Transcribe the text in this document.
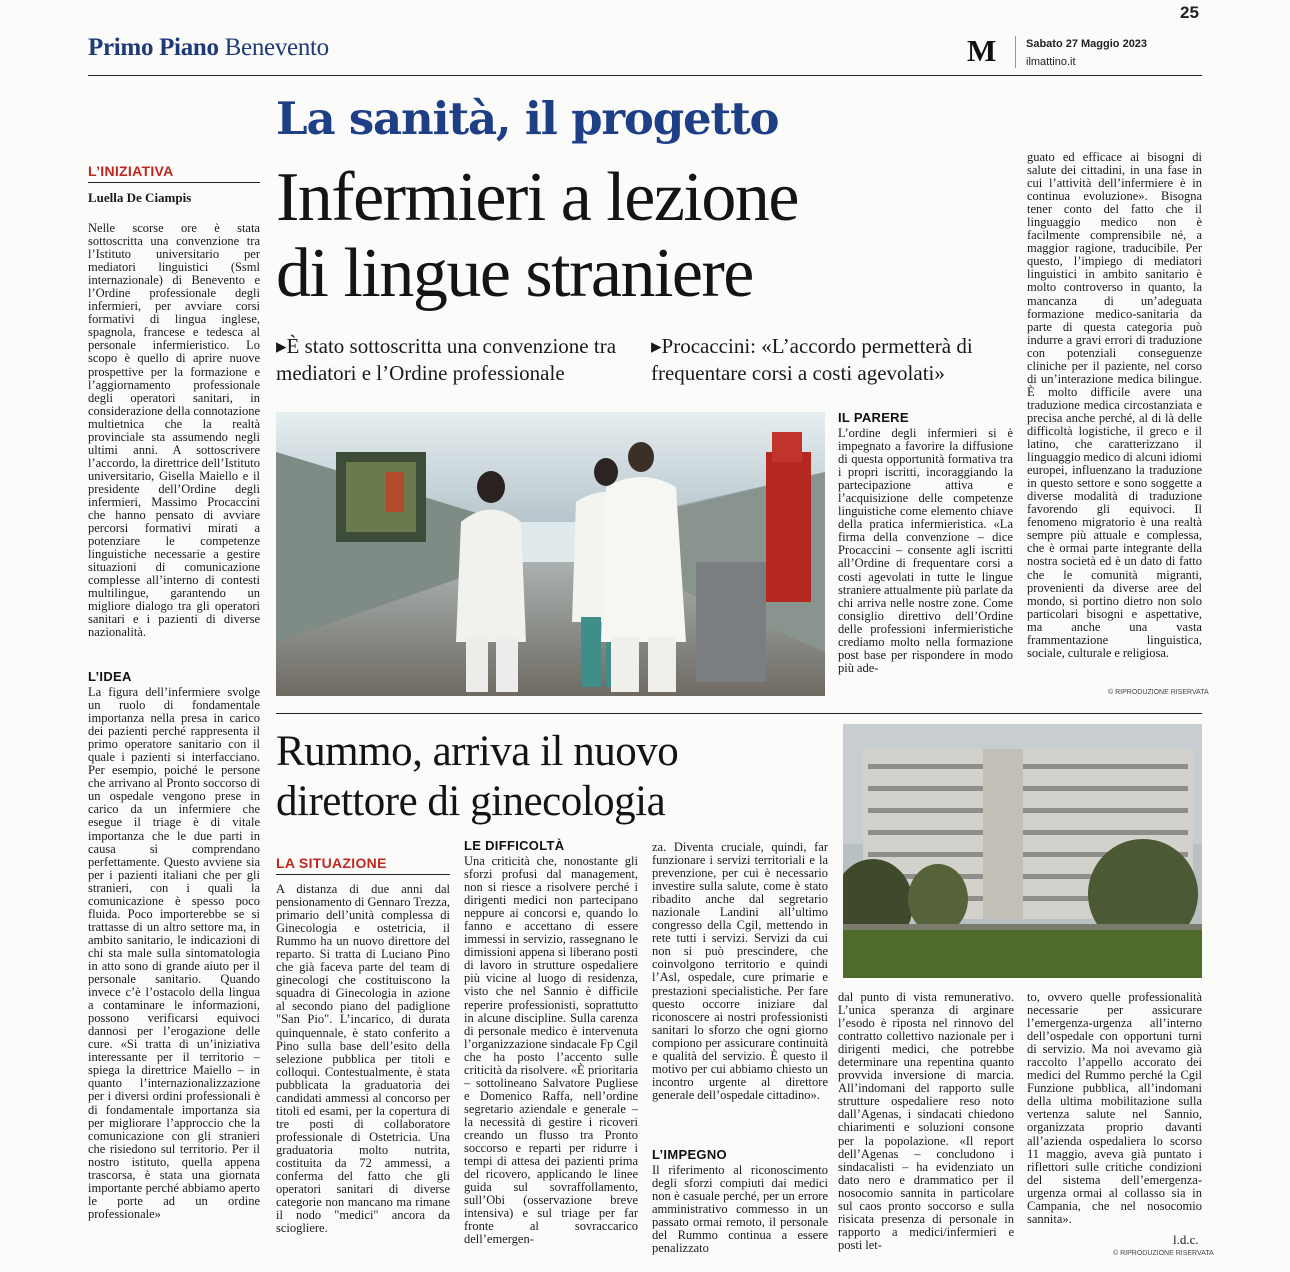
25
Primo Piano Benevento	M	Sabato 27 Maggio 2023
ilmattino.it
La sanità, il progetto
Infermieri a lezione
di lingue straniere
▸È stato sottoscritta una convenzione tra mediatori e l’Ordine professionale
▸Procaccini: «L’accordo permetterà di frequentare corsi a costi agevolati»
L’INIZIATIVA
Luella De Ciampis
Nelle scorse ore è stata sottoscritta una convenzione tra l’Istituto universitario per mediatori linguistici (Ssml internazionale) di Benevento e l’Ordine professionale degli infermieri, per avviare corsi formativi di lingua inglese, spagnola, francese e tedesca al personale infermieristico. Lo scopo è quello di aprire nuove prospettive per la formazione e l’aggiornamento professionale degli operatori sanitari, in considerazione della connotazione multietnica che la realtà provinciale sta assumendo negli ultimi anni. A sottoscrivere l’accordo, la direttrice dell’Istituto universitario, Gisella Maiello e il presidente dell’Ordine degli infermieri, Massimo Procaccini che hanno pensato di avviare percorsi formativi mirati a potenziare le competenze linguistiche necessarie a gestire situazioni di comunicazione complesse all’interno di contesti multilingue, garantendo un migliore dialogo tra gli operatori sanitari e i pazienti di diverse nazionalità.
L’IDEA
La figura dell’infermiere svolge un ruolo di fondamentale importanza nella presa in carico dei pazienti perché rappresenta il primo operatore sanitario con il quale i pazienti si interfacciano. Per esempio, poiché le persone che arrivano al Pronto soccorso di un ospedale vengono prese in carico da un infermiere che esegue il triage è di vitale importanza che le due parti in causa si comprendano perfettamente. Questo avviene sia per i pazienti italiani che per gli stranieri, con i quali la comunicazione è spesso poco fluida. Poco importerebbe se si trattasse di un altro settore ma, in ambito sanitario, le indicazioni di chi sta male sulla sintomatologia in atto sono di grande aiuto per il personale sanitario. Quando invece c’è l’ostacolo della lingua a contaminare le informazioni, possono verificarsi equivoci dannosi per l’erogazione delle cure. «Si tratta di un’iniziativa interessante per il territorio – spiega la direttrice Maiello – in quanto l’internazionalizzazione per i diversi ordini professionali è di fondamentale importanza sia per migliorare l’approccio che la comunicazione con gli stranieri che risiedono sul territorio. Per il nostro istituto, quella appena trascorsa, è stata una giornata importante perché abbiamo aperto le porte ad un ordine professionale»
IL PARERE
L’ordine degli infermieri si è impegnato a favorire la diffusione di questa opportunità formativa tra i propri iscritti, incoraggiando la partecipazione attiva e l’acquisizione delle competenze linguistiche come elemento chiave della pratica infermieristica. «La firma della convenzione – dice Procaccini – consente agli iscritti all’Ordine di frequentare corsi a costi agevolati in tutte le lingue straniere attualmente più parlate da chi arriva nelle nostre zone. Come consiglio direttivo dell’Ordine delle professioni infermieristiche crediamo molto nella formazione post base per rispondere in modo più ade-
guato ed efficace ai bisogni di salute dei cittadini, in una fase in cui l’attività dell’infermiere è in continua evoluzione». Bisogna tener conto del fatto che il linguaggio medico non è facilmente comprensibile né, a maggior ragione, traducibile. Per questo, l’impiego di mediatori linguistici in ambito sanitario è molto controverso in quanto, la mancanza di un’adeguata formazione medico-sanitaria da parte di questa categoria può indurre a gravi errori di traduzione con potenziali conseguenze cliniche per il paziente, nel corso di un’interazione medica bilingue. È molto difficile avere una traduzione medica circostanziata e precisa anche perché, al di là delle difficoltà logistiche, il greco e il latino, che caratterizzano il linguaggio medico di alcuni idiomi europei, influenzano la traduzione in questo settore e sono soggette a diverse modalità di traduzione favorendo gli equivoci. Il fenomeno migratorio è una realtà sempre più attuale e complessa, che è ormai parte integrante della nostra società ed è un dato di fatto che le comunità migranti, provenienti da diverse aree del mondo, si portino dietro non solo particolari bisogni e aspettative, ma anche una vasta frammentazione linguistica, sociale, culturale e religiosa.
© RIPRODUZIONE RISERVATA
Rummo, arriva il nuovo
direttore di ginecologia
LA SITUAZIONE
A distanza di due anni dal pensionamento di Gennaro Trezza, primario dell’unità complessa di Ginecologia e ostetricia, il Rummo ha un nuovo direttore del reparto. Si tratta di Luciano Pino che già faceva parte del team di ginecologi che costituiscono la squadra di Ginecologia in azione al secondo piano del padiglione "San Pio". L’incarico, di durata quinquennale, è stato conferito a Pino sulla base dell’esito della selezione pubblica per titoli e colloqui. Contestualmente, è stata pubblicata la graduatoria dei candidati ammessi al concorso per titoli ed esami, per la copertura di tre posti di collaboratore professionale di Ostetricia. Una graduatoria molto nutrita, costituita da 72 ammessi, a conferma del fatto che gli operatori sanitari di diverse categorie non mancano ma rimane il nodo "medici" ancora da sciogliere.
LE DIFFICOLTÀ
Una criticità che, nonostante gli sforzi profusi dal management, non si riesce a risolvere perché i dirigenti medici non partecipano neppure ai concorsi e, quando lo fanno e accettano di essere immessi in servizio, rassegnano le dimissioni appena si liberano posti di lavoro in strutture ospedaliere più vicine al luogo di residenza, visto che nel Sannio è difficile reperire professionisti, soprattutto in alcune discipline. Sulla carenza di personale medico è intervenuta l’organizzazione sindacale Fp Cgil che ha posto l’accento sulle criticità da risolvere. «È prioritaria – sottolineano Salvatore Pugliese e Domenico Raffa, nell’ordine segretario aziendale e generale – la necessità di gestire i ricoveri creando un flusso tra Pronto soccorso e reparti per ridurre i tempi di attesa dei pazienti prima del ricovero, applicando le linee guida sul sovraffollamento, sull’Obi (osservazione breve intensiva) e sul triage per far fronte al sovraccarico dell’emergen-
za. Diventa cruciale, quindi, far funzionare i servizi territoriali e la prevenzione, per cui è necessario investire sulla salute, come è stato ribadito anche dal segretario nazionale Landini all’ultimo congresso della Cgil, mettendo in rete tutti i servizi. Servizi da cui non si può prescindere, che coinvolgono territorio e quindi l’Asl, ospedale, cure primarie e prestazioni specialistiche. Per fare questo occorre iniziare dal riconoscere ai nostri professionisti sanitari lo sforzo che ogni giorno compiono per assicurare continuità e qualità del servizio. È questo il motivo per cui abbiamo chiesto un incontro urgente al direttore generale dell’ospedale cittadino».
L’IMPEGNO
Il riferimento al riconoscimento degli sforzi compiuti dai medici non è casuale perché, per un errore amministrativo commesso in un passato ormai remoto, il personale del Rummo continua a essere penalizzato
dal punto di vista remunerativo. L’unica speranza di arginare l’esodo è riposta nel rinnovo del contratto collettivo nazionale per i dirigenti medici, che potrebbe determinare una repentina quanto provvida inversione di marcia. All’indomani del rapporto sulle strutture ospedaliere reso noto dall’Agenas, i sindacati chiedono chiarimenti e soluzioni consone per la popolazione. «Il report dell’Agenas – concludono i sindacalisti – ha evidenziato un dato nero e drammatico per il nosocomio sannita in particolare sul caos pronto soccorso e sulla risicata presenza di personale in rapporto a medici/infermieri e posti let-
to, ovvero quelle professionalità necessarie per assicurare l’emergenza-urgenza all’interno dell’ospedale con opportuni turni di servizio. Ma noi avevamo già raccolto l’appello accorato dei medici del Rummo perché la Cgil Funzione pubblica, all’indomani della ultima mobilitazione sulla vertenza salute nel Sannio, organizzata proprio davanti all’azienda ospedaliera lo scorso 11 maggio, aveva già puntato i riflettori sulle critiche condizioni del sistema dell’emergenza-urgenza ormai al collasso sia in Campania, che nel nosocomio sannita».
l.d.c.
© RIPRODUZIONE RISERVATA
